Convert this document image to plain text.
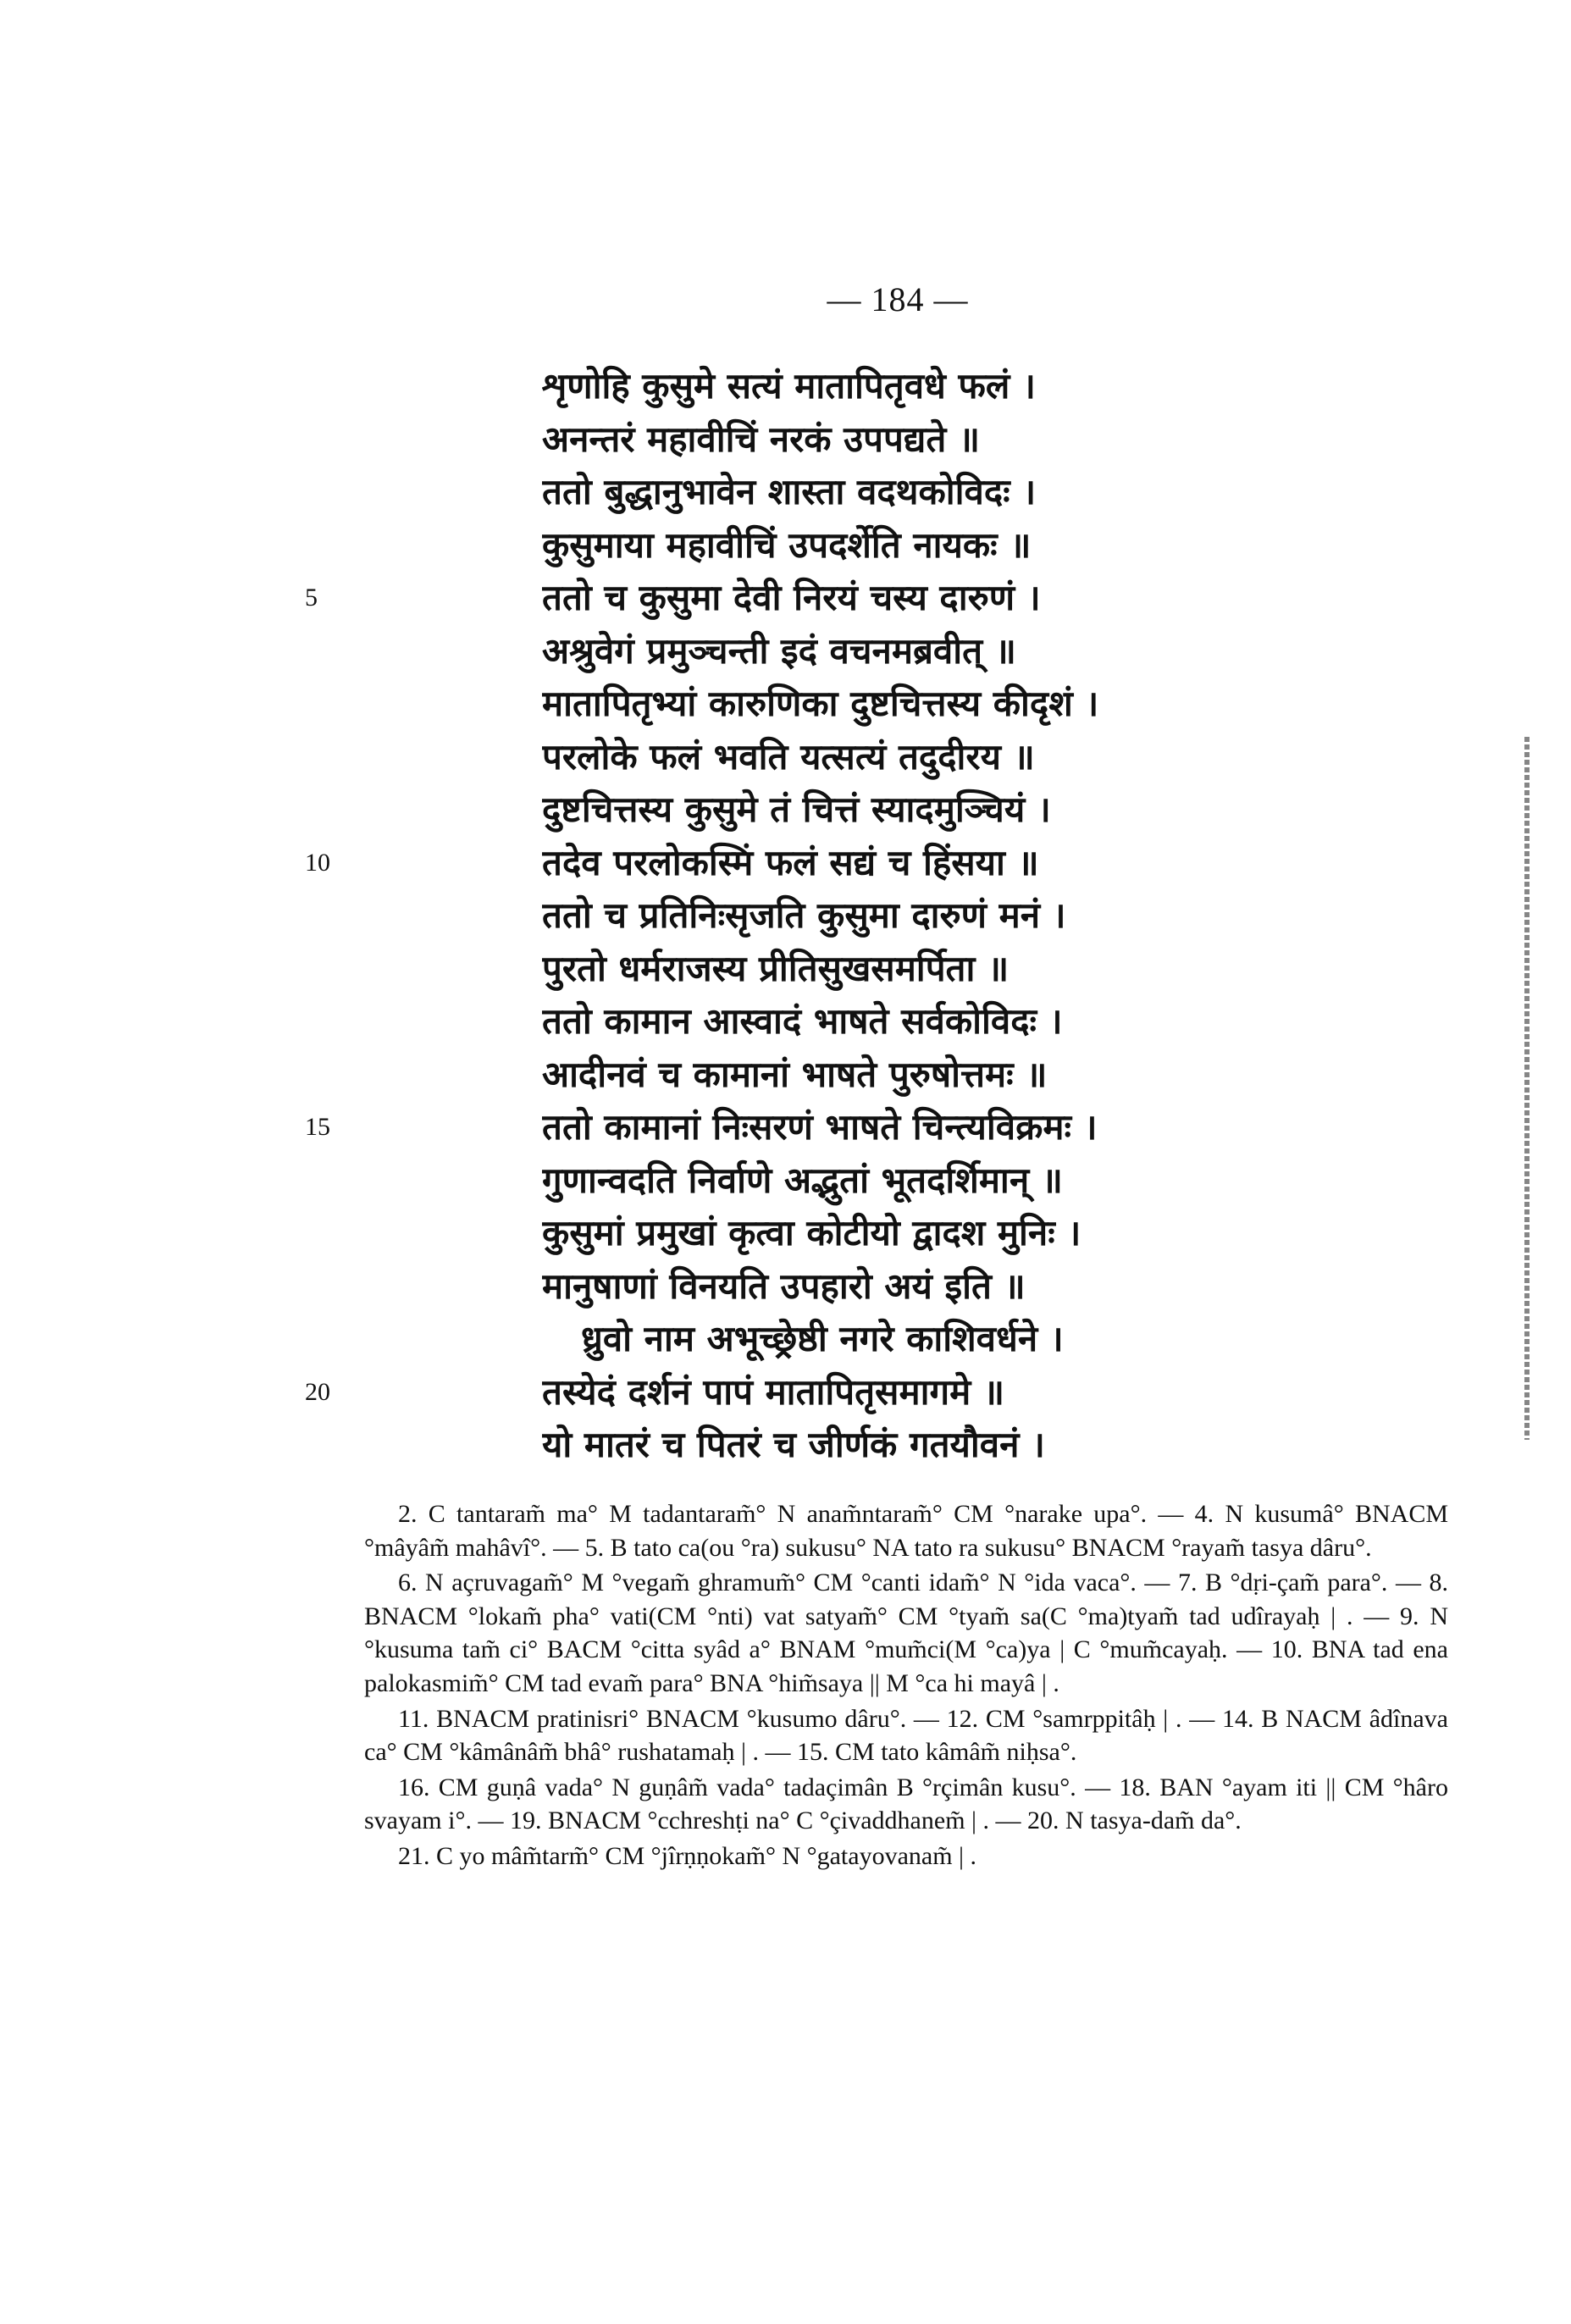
— 184 —
5
10
15
20
शृणोहि कुसुमे सत्यं मातापितृवधे फलं ।
अनन्तरं महावीचिं नरकं उपपद्यते ॥
ततो बुद्धानुभावेन शास्ता वदथकोविदः ।
कुसुमाया महावीचिं उपदर्शेति नायकः ॥
ततो च कुसुमा देवी निरयं चस्य दारुणं ।
अश्रुवेगं प्रमुञ्चन्ती इदं वचनमब्रवीत् ॥
मातापितृभ्यां कारुणिका दुष्टचित्तस्य कीदृशं ।
परलोके फलं भवति यत्सत्यं तदुदीरय ॥
दुष्टचित्तस्य कुसुमे तं चित्तं स्यादमुञ्चियं ।
तदेव परलोकस्मिं फलं सद्यं च हिंसया ॥
ततो च प्रतिनिःसृजति कुसुमा दारुणं मनं ।
पुरतो धर्मराजस्य प्रीतिसुखसमर्पिता ॥
ततो कामान आस्वादं भाषते सर्वकोविदः ।
आदीनवं च कामानां भाषते पुरुषोत्तमः ॥
ततो कामानां निःसरणं भाषते चिन्त्यविक्रमः ।
गुणान्वदति निर्वाणे अद्भुतां भूतदर्शिमान् ॥
कुसुमां प्रमुखां कृत्वा कोटीयो द्वादश मुनिः ।
मानुषाणां विनयति उपहारो अयं इति ॥
ध्रुवो नाम अभूच्छ्रेष्ठी नगरे काशिवर्धने ।
तस्येदं दर्शनं पापं मातापितृसमागमे ॥
यो मातरं च पितरं च जीर्णकं गतयौवनं ।
2. C tantaram̃ ma° M tadantaram̃° N anam̃ntaram̃° CM °narake upa°. — 4. N kusumâ° BNACM °mâyâm̃ mahâvî°. — 5. B tato ca(ou °ra) sukusu° NA tato ra sukusu° BNACM °rayam̃ tasya dâru°.
6. N açruvagam̃° M °vegam̃ ghramum̃° CM °canti idam̃° N °ida vaca°. — 7. B °dṛi-çam̃ para°. — 8. BNACM °lokam̃ pha° vati(CM °nti) vat satyam̃° CM °tyam̃ sa(C °ma)tyam̃ tad udîrayaḥ | . — 9. N °kusuma tam̃ ci° BACM °citta syâd a° BNAM °mum̃ci(M °ca)ya | C °mum̃cayaḥ. — 10. BNA tad ena palokasmim̃° CM tad evam̃ para° BNA °him̃saya || M °ca hi mayâ | .
11. BNACM pratinisri° BNACM °kusumo dâru°. — 12. CM °samrppitâḥ | . — 14. B NACM âdînava ca° CM °kâmânâm̃ bhâ° rushatamaḥ | . — 15. CM tato kâmâm̃ niḥsa°.
16. CM guṇâ vada° N guṇâm̃ vada° tadaçimân B °rçimân kusu°. — 18. BAN °ayam iti || CM °hâro svayam i°. — 19. BNACM °cchreshṭi na° C °çivaddhanem̃ | . — 20. N tasya-dam̃ da°.
21. C yo mâm̃tarm̃° CM °jîrṇṇokam̃° N °gatayovanam̃ | .
